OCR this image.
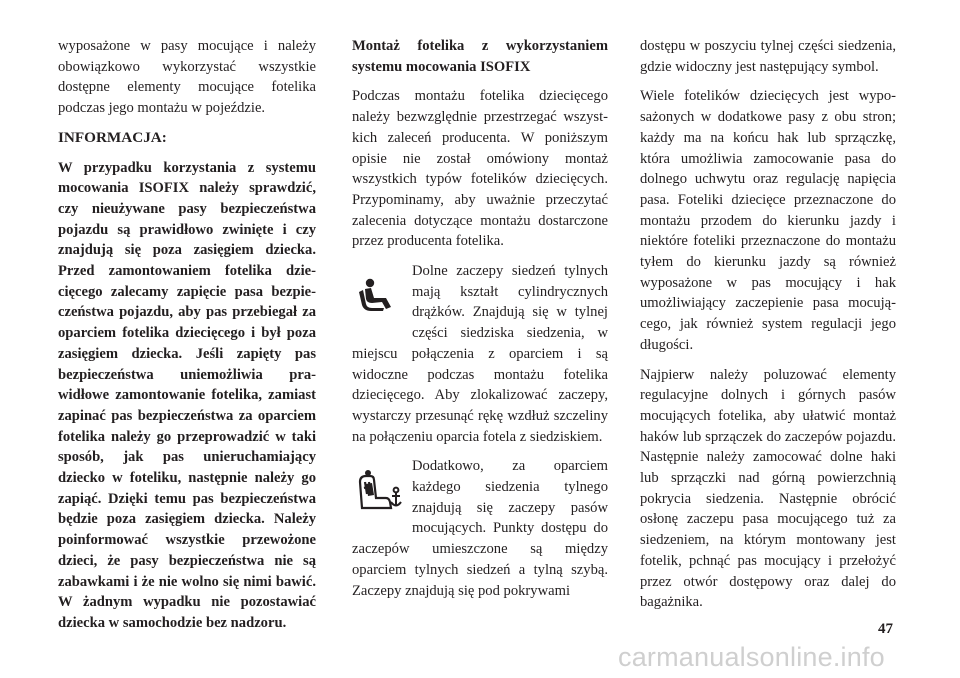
wyposażone w pasy mocujące i należy obowiązkowo wykorzystać wszystkie dostępne elementy mocujące fotelika podczas jego montażu w pojeździe.

INFORMACJA:

W przypadku korzystania z systemu mocowania ISOFIX należy sprawdzić, czy nieużywane pasy bezpieczeństwa pojazdu są prawidłowo zwinięte i czy znajdują się poza zasięgiem dziecka. Przed zamontowaniem fotelika dziecięcego zalecamy zapięcie pasa bezpieczeństwa pojazdu, aby pas przebiegał za oparciem fotelika dziecięcego i był poza zasięgiem dziecka. Jeśli zapięty pas bezpieczeństwa uniemożliwia prawidłowe zamontowanie fotelika, zamiast zapinać pas bezpieczeństwa za oparciem fotelika należy go przeprowadzić w taki sposób, jak pas unieruchamiający dziecko w foteliku, następnie należy go zapiąć. Dzięki temu pas bezpieczeństwa będzie poza zasięgiem dziecka. Należy poinformować wszystkie przewożone dzieci, że pasy bezpieczeństwa nie są zabawkami i że nie wolno się nimi bawić. W żadnym wypadku nie pozostawiać dziecka w samochodzie bez nadzoru.

Montaż fotelika z wykorzystaniem systemu mocowania ISOFIX

Podczas montażu fotelika dziecięcego należy bezwzględnie przestrzegać wszystkich zaleceń producenta. W poniższym opisie nie został omówiony montaż wszystkich typów fotelików dziecięcych. Przypominamy, aby uważnie przeczytać zalecenia dotyczące montażu dostarczone przez producenta fotelika.

Dolne zaczepy siedzeń tylnych mają kształt cylindrycznych drążków. Znajdują się w tylnej części siedziska siedzenia, w miejscu połączenia z oparciem i są widoczne podczas montażu fotelika dziecięcego. Aby zlokalizować zaczepy, wystarczy przesunąć rękę wzdłuż szczeliny na połączeniu oparcia fotela z siedziskiem.

Dodatkowo, za oparciem każdego siedzenia tylnego znajdują się zaczepy pasów mocujących. Punkty dostępu do zaczepów umieszczone są między oparciem tylnych siedzeń a tylną szybą. Zaczepy znajdują się pod pokrywami

dostępu w poszyciu tylnej części siedzenia, gdzie widoczny jest następujący symbol.

Wiele fotelików dziecięcych jest wyposażonych w dodatkowe pasy z obu stron; każdy ma na końcu hak lub sprzączkę, która umożliwia zamocowanie pasa do dolnego uchwytu oraz regulację napięcia pasa. Foteliki dziecięce przeznaczone do montażu przodem do kierunku jazdy i niektóre foteliki przeznaczone do montażu tyłem do kierunku jazdy są również wyposażone w pas mocujący i hak umożliwiający zaczepienie pasa mocującego, jak również system regulacji jego długości.

Najpierw należy poluzować elementy regulacyjne dolnych i górnych pasów mocujących fotelika, aby ułatwić montaż haków lub sprzączek do zaczepów pojazdu. Następnie należy zamocować dolne haki lub sprzączki nad górną powierzchnią pokrycia siedzenia. Następnie obrócić osłonę zaczepu pasa mocującego tuż za siedzeniem, na którym montowany jest fotelik, pchnąć pas mocujący i przełożyć przez otwór dostępowy oraz dalej do bagażnika.

47
carmanualsonline.info
